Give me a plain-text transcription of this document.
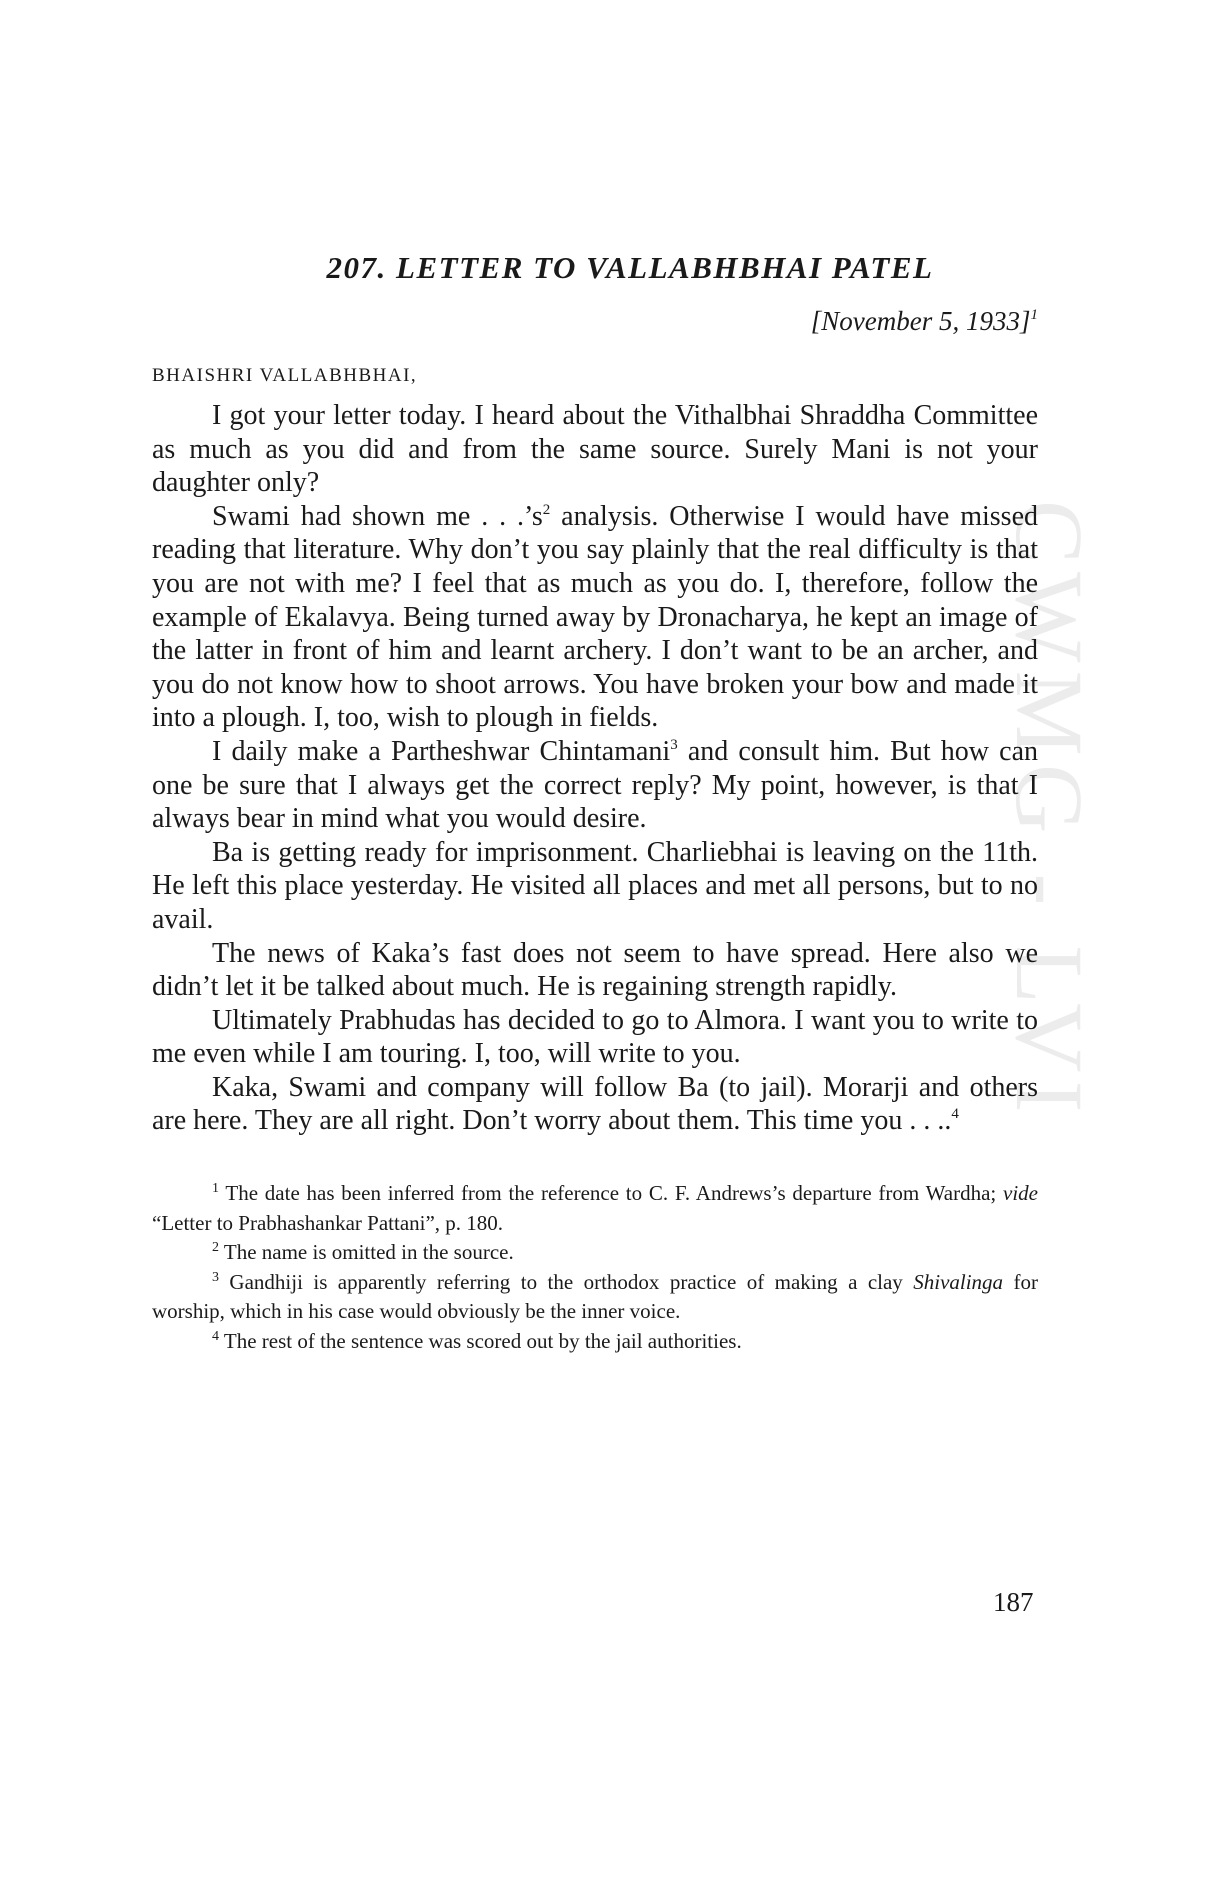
CWMG - LVI
207. LETTER TO VALLABHBHAI PATEL
[November 5, 1933]$^1$
BHAISHRI VALLABHBHAI,

I got your letter today. I heard about the Vithalbhai Shraddha Committee as much as you did and from the same source. Surely Mani is not your daughter only?

Swami had shown me . . $.’s^2$ analysis. Otherwise I would have missed reading that literature. Why don’t you say plainly that the real difficulty is that you are not with me? I feel that as much as you do. I, therefore, follow the example of Ekalavya. Being turned away by Dronacharya, he kept an image of the latter in front of him and learnt archery. I don’t want to be an archer, and you do not know how to shoot arrows. You have broken your bow and made it into a plough. I, too, wish to plough in fields.

I daily make a Partheshwar Chintamani$^3$ and consult him. But how can one be sure that I always get the correct reply? My point, however, is that I always bear in mind what you would desire.

Ba is getting ready for imprisonment. Charliebhai is leaving on the 11th. He left this place yesterday. He visited all places and met all persons, but to no avail.

The news of Kaka’s fast does not seem to have spread. Here also we didn’t let it be talked about much. He is regaining strength rapidly.

Ultimately Prabhudas has decided to go to Almora. I want you to write to me even while I am touring. I, too, will write to you.

Kaka, Swami and company will follow Ba (to jail). Morarji and others are here. They are all right. Don’t worry about them. This time you . . ..$^4$

$^1$ The date has been inferred from the reference to C. F. Andrews’s departure from Wardha; vide “Letter to Prabhashankar Pattani”, p. 180.

$^2$ The name is omitted in the source.

$^3$ Gandhiji is apparently referring to the orthodox practice of making a clay Shivalinga for worship, which in his case would obviously be the inner voice.

$^4$ The rest of the sentence was scored out by the jail authorities.

187
